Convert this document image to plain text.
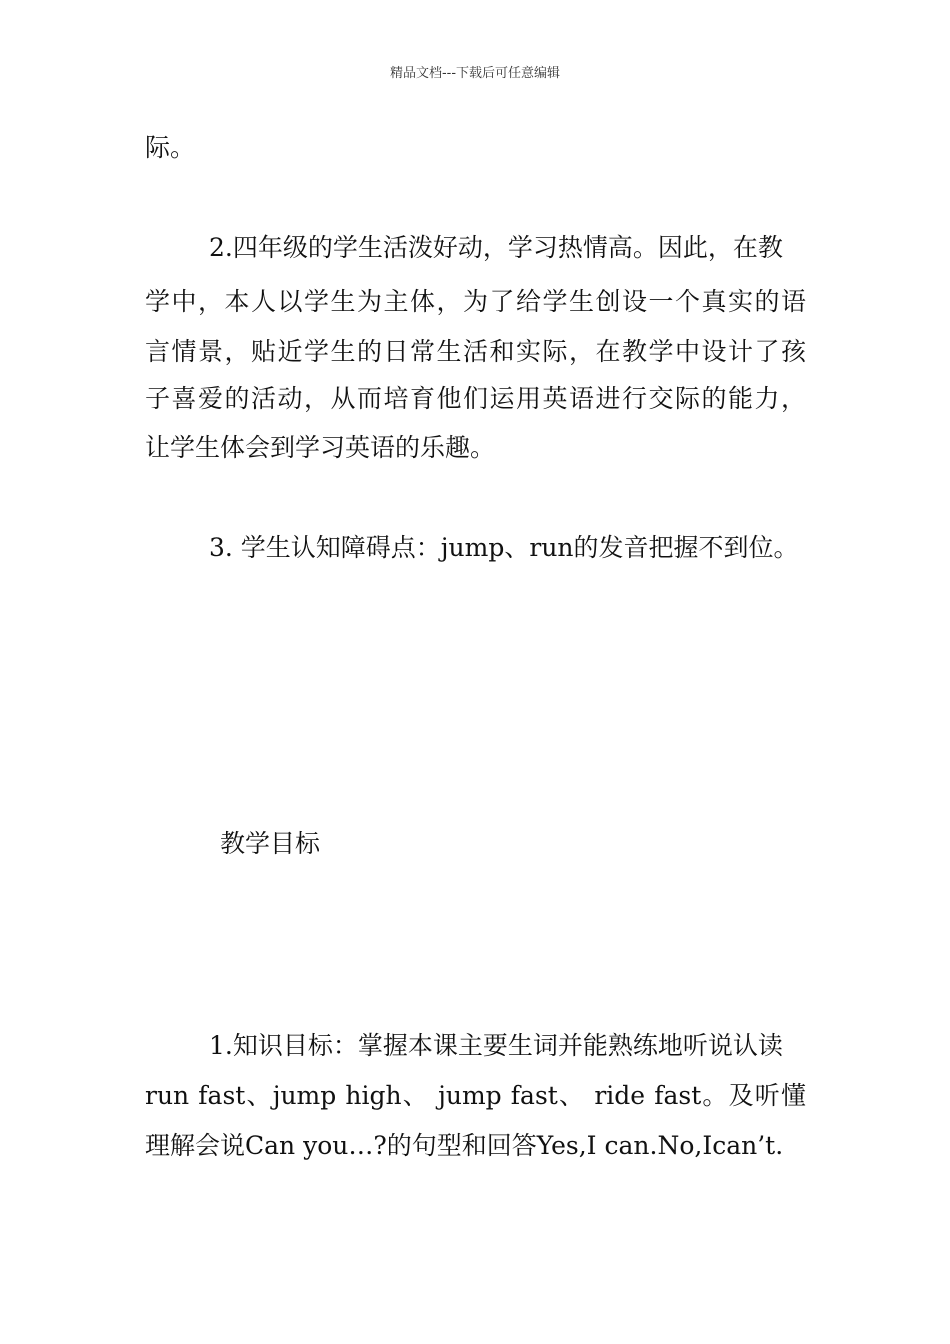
精品文档---下载后可任意编辑
际。
2.四年级的学生活泼好动，学习热情高。因此，在教
学中，本人以学生为主体，为了给学生创设一个真实的语
言情景，贴近学生的日常生活和实际，在教学中设计了孩
子喜爱的活动，从而培育他们运用英语进行交际的能力，
让学生体会到学习英语的乐趣。
3. 学生认知障碍点：jump、run的发音把握不到位。
教学目标
1.知识目标：掌握本课主要生词并能熟练地听说认读
run fast、jump high、 jump fast、 ride fast。及听懂
理解会说Can you…?的句型和回答Yes,I can.No,Ican’t.
